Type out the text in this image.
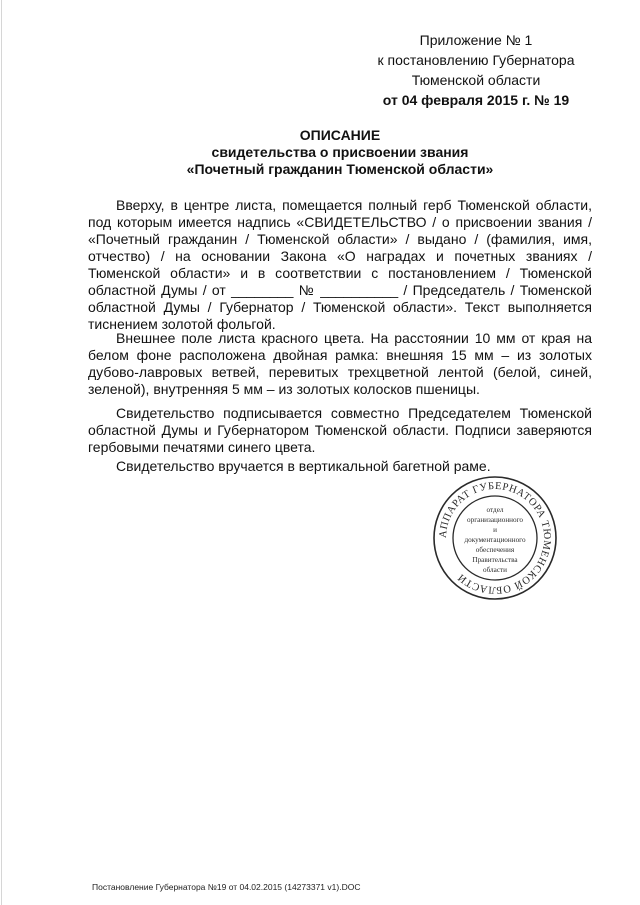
Приложение № 1
к постановлению Губернатора
Тюменской области
от 04 февраля 2015 г. № 19
ОПИСАНИЕ
свидетельства о присвоении звания
«Почетный гражданин Тюменской области»
Вверху, в центре листа, помещается полный герб Тюменской области, под которым имеется надпись «СВИДЕТЕЛЬСТВО / о присвоении звания / «Почетный гражданин / Тюменской области» / выдано / (фамилия, имя, отчество) / на основании Закона «О наградах и почетных званиях / Тюменской области» и в соответствии с постановлением / Тюменской областной Думы / от ________ № __________ / Председатель / Тюменской областной Думы / Губернатор / Тюменской области». Текст выполняется тиснением золотой фольгой.
Внешнее поле листа красного цвета. На расстоянии 10 мм от края на белом фоне расположена двойная рамка: внешняя 15 мм – из золотых дубово-лавровых ветвей, перевитых трехцветной лентой (белой, синей, зеленой), внутренняя 5 мм – из золотых колосков пшеницы.
Свидетельство подписывается совместно Председателем Тюменской областной Думы и Губернатором Тюменской области. Подписи заверяются гербовыми печатями синего цвета.
Свидетельство вручается в вертикальной багетной раме.
АППАРАТ ГУБЕРНАТОРА ТЮМЕНСКОЙ ОБЛАСТИ
отдел
организационного
и
документационного
обеспечения
Правительства
области
Постановление Губернатора №19 от 04.02.2015 (14273371 v1).DOC
